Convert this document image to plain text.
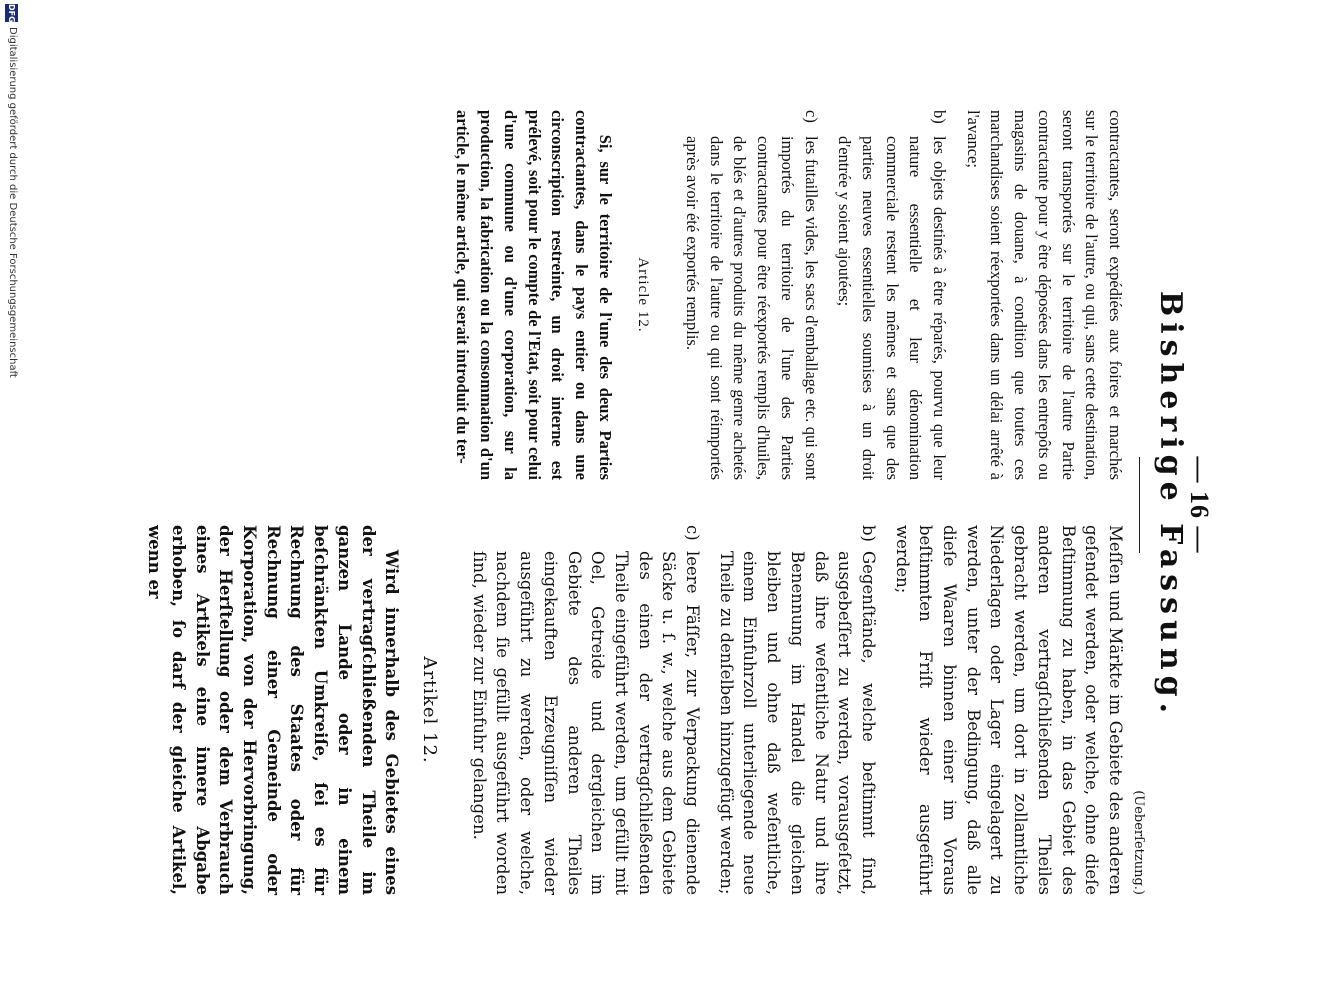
— 16 —
Bisherige Fassung.

contractantes, seront expédiées aux foires et marchés sur le territoire de l'autre, ou qui, sans cette destination, seront transportés sur le territoire de l'autre Partie contractante pour y être déposées dans les entrepôts ou magasins de douane, à condition que toutes ces marchandises soient réexportées dans un délai arrêté à l'avance;

b)
les objets destinés à être réparés, pourvu que leur nature essentielle et leur dénomination commerciale restent les mêmes et sans que des parties neuves essentielles soumises à un droit d'entrée y soient ajoutées;

c)
les futailles vides, les sacs d'emballage etc. qui sont importés du territoire de l'une des Parties contractantes pour être réexportés remplis d'huiles, de blés et d'autres produits du même genre achetés dans le territoire de l'autre ou qui sont réimportés après avoir été exportés remplis.

Article 12.

Si, sur le territoire de l'une des deux Parties contractantes, dans le pays entier ou dans une circonscription restreinte, un droit interne est prélevé, soit pour le compte de l'Etat, soit pour celui d'une commune ou d'une corporation, sur la production, la fabrication ou la consommation d'un article, le même article, qui serait introduit du ter-

(Ueberſetzung.)

Meſſen und Märkte im Gebiete des anderen geſendet werden, oder welche, ohne dieſe Beſtimmung zu haben, in das Gebiet des anderen vertragſchließenden Theiles gebracht werden, um dort in zollamtliche Niederlagen oder Lager eingelagert zu werden, unter der Bedingung, daß alle dieſe Waaren binnen einer im Voraus beſtimmten Friſt wieder ausgeführt werden;

b)
Gegenſtände, welche beſtimmt ſind, ausgebeſſert zu werden, vorausgeſetzt, daß ihre weſentliche Natur und ihre Benennung im Handel die gleichen bleiben und ohne daß weſentliche, einem Einfuhrzoll unterliegende neue Theile zu denſelben hinzugefügt werden;

c)
leere Fäſſer, zur Verpackung dienende Säcke u. ſ. w., welche aus dem Gebiete des einen der vertragſchließenden Theile eingeführt werden, um gefüllt mit Oel, Getreide und dergleichen im Gebiete des anderen Theiles eingekauften Erzeugniſſen wieder ausgeführt zu werden, oder welche, nachdem ſie gefüllt ausgeführt worden ſind, wieder zur Einfuhr gelangen.

Artikel 12.

Wird innerhalb des Gebietes eines der vertragſchließenden Theile im ganzen Lande oder in einem beſchränkten Umkreiſe, ſei es für Rechnung des Staates oder für Rechnung einer Gemeinde oder Korporation, von der Hervorbringung, der Herſtellung oder dem Verbrauch eines Artikels eine innere Abgabe erhoben, ſo darf der gleiche Artikel, wenn er

DFG
Digitalisierung gefördert durch die Deutsche Forschungsgemeinschaft
